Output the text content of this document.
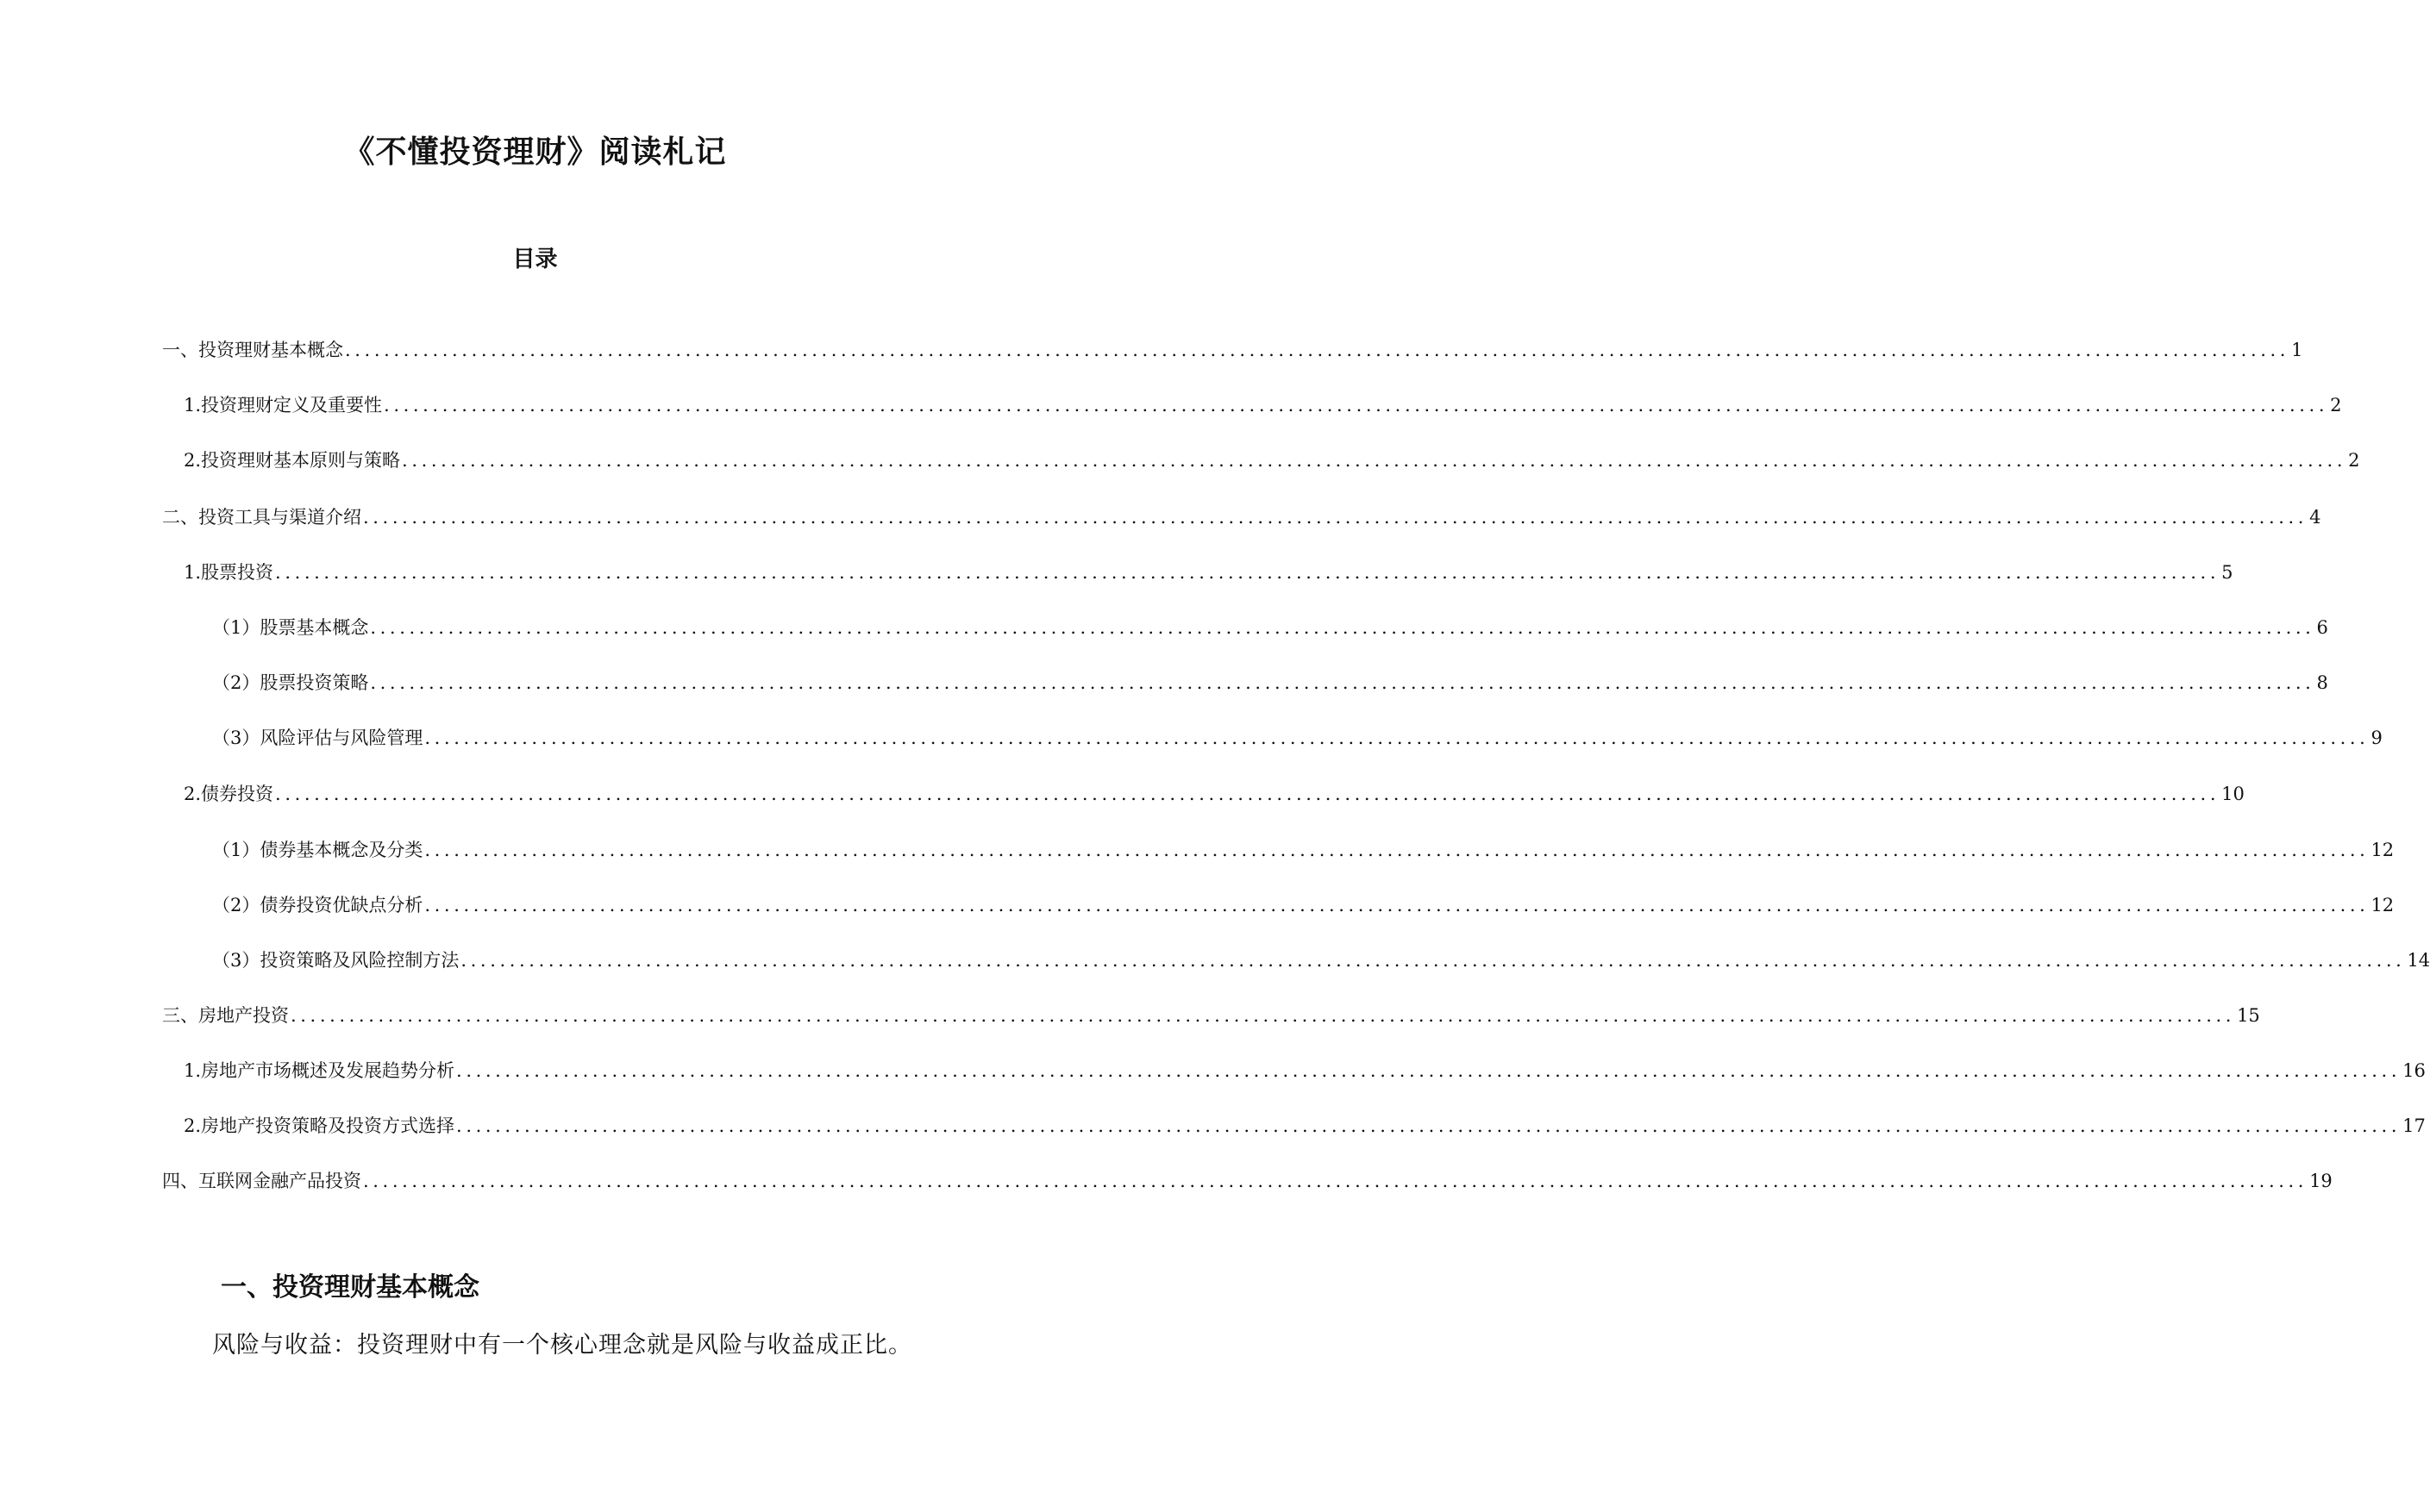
《不懂投资理财》阅读札记
目录
一、投资理财基本概念 ........................................................................................................................................................................................................ 1
1. 投资理财定义及重要性 ........................................................................................................................................................................................................ 2
2. 投资理财基本原则与策略 ........................................................................................................................................................................................................ 2
二、投资工具与渠道介绍 ........................................................................................................................................................................................................ 4
1. 股票投资 ........................................................................................................................................................................................................ 5
（1）股票基本概念 ........................................................................................................................................................................................................ 6
（2）股票投资策略 ........................................................................................................................................................................................................ 8
（3）风险评估与风险管理 ........................................................................................................................................................................................................ 9
2. 债券投资 ........................................................................................................................................................................................................ 10
（1）债券基本概念及分类 ........................................................................................................................................................................................................ 12
（2）债券投资优缺点分析 ........................................................................................................................................................................................................ 12
（3）投资策略及风险控制方法 ........................................................................................................................................................................................................ 14
三、房地产投资 ........................................................................................................................................................................................................ 15
1. 房地产市场概述及发展趋势分析 ........................................................................................................................................................................................................ 16
2. 房地产投资策略及投资方式选择 ........................................................................................................................................................................................................ 17
四、互联网金融产品投资 ........................................................................................................................................................................................................ 19
一、投资理财基本概念
风险与收益：投资理财中有一个核心理念就是风险与收益成正比。
